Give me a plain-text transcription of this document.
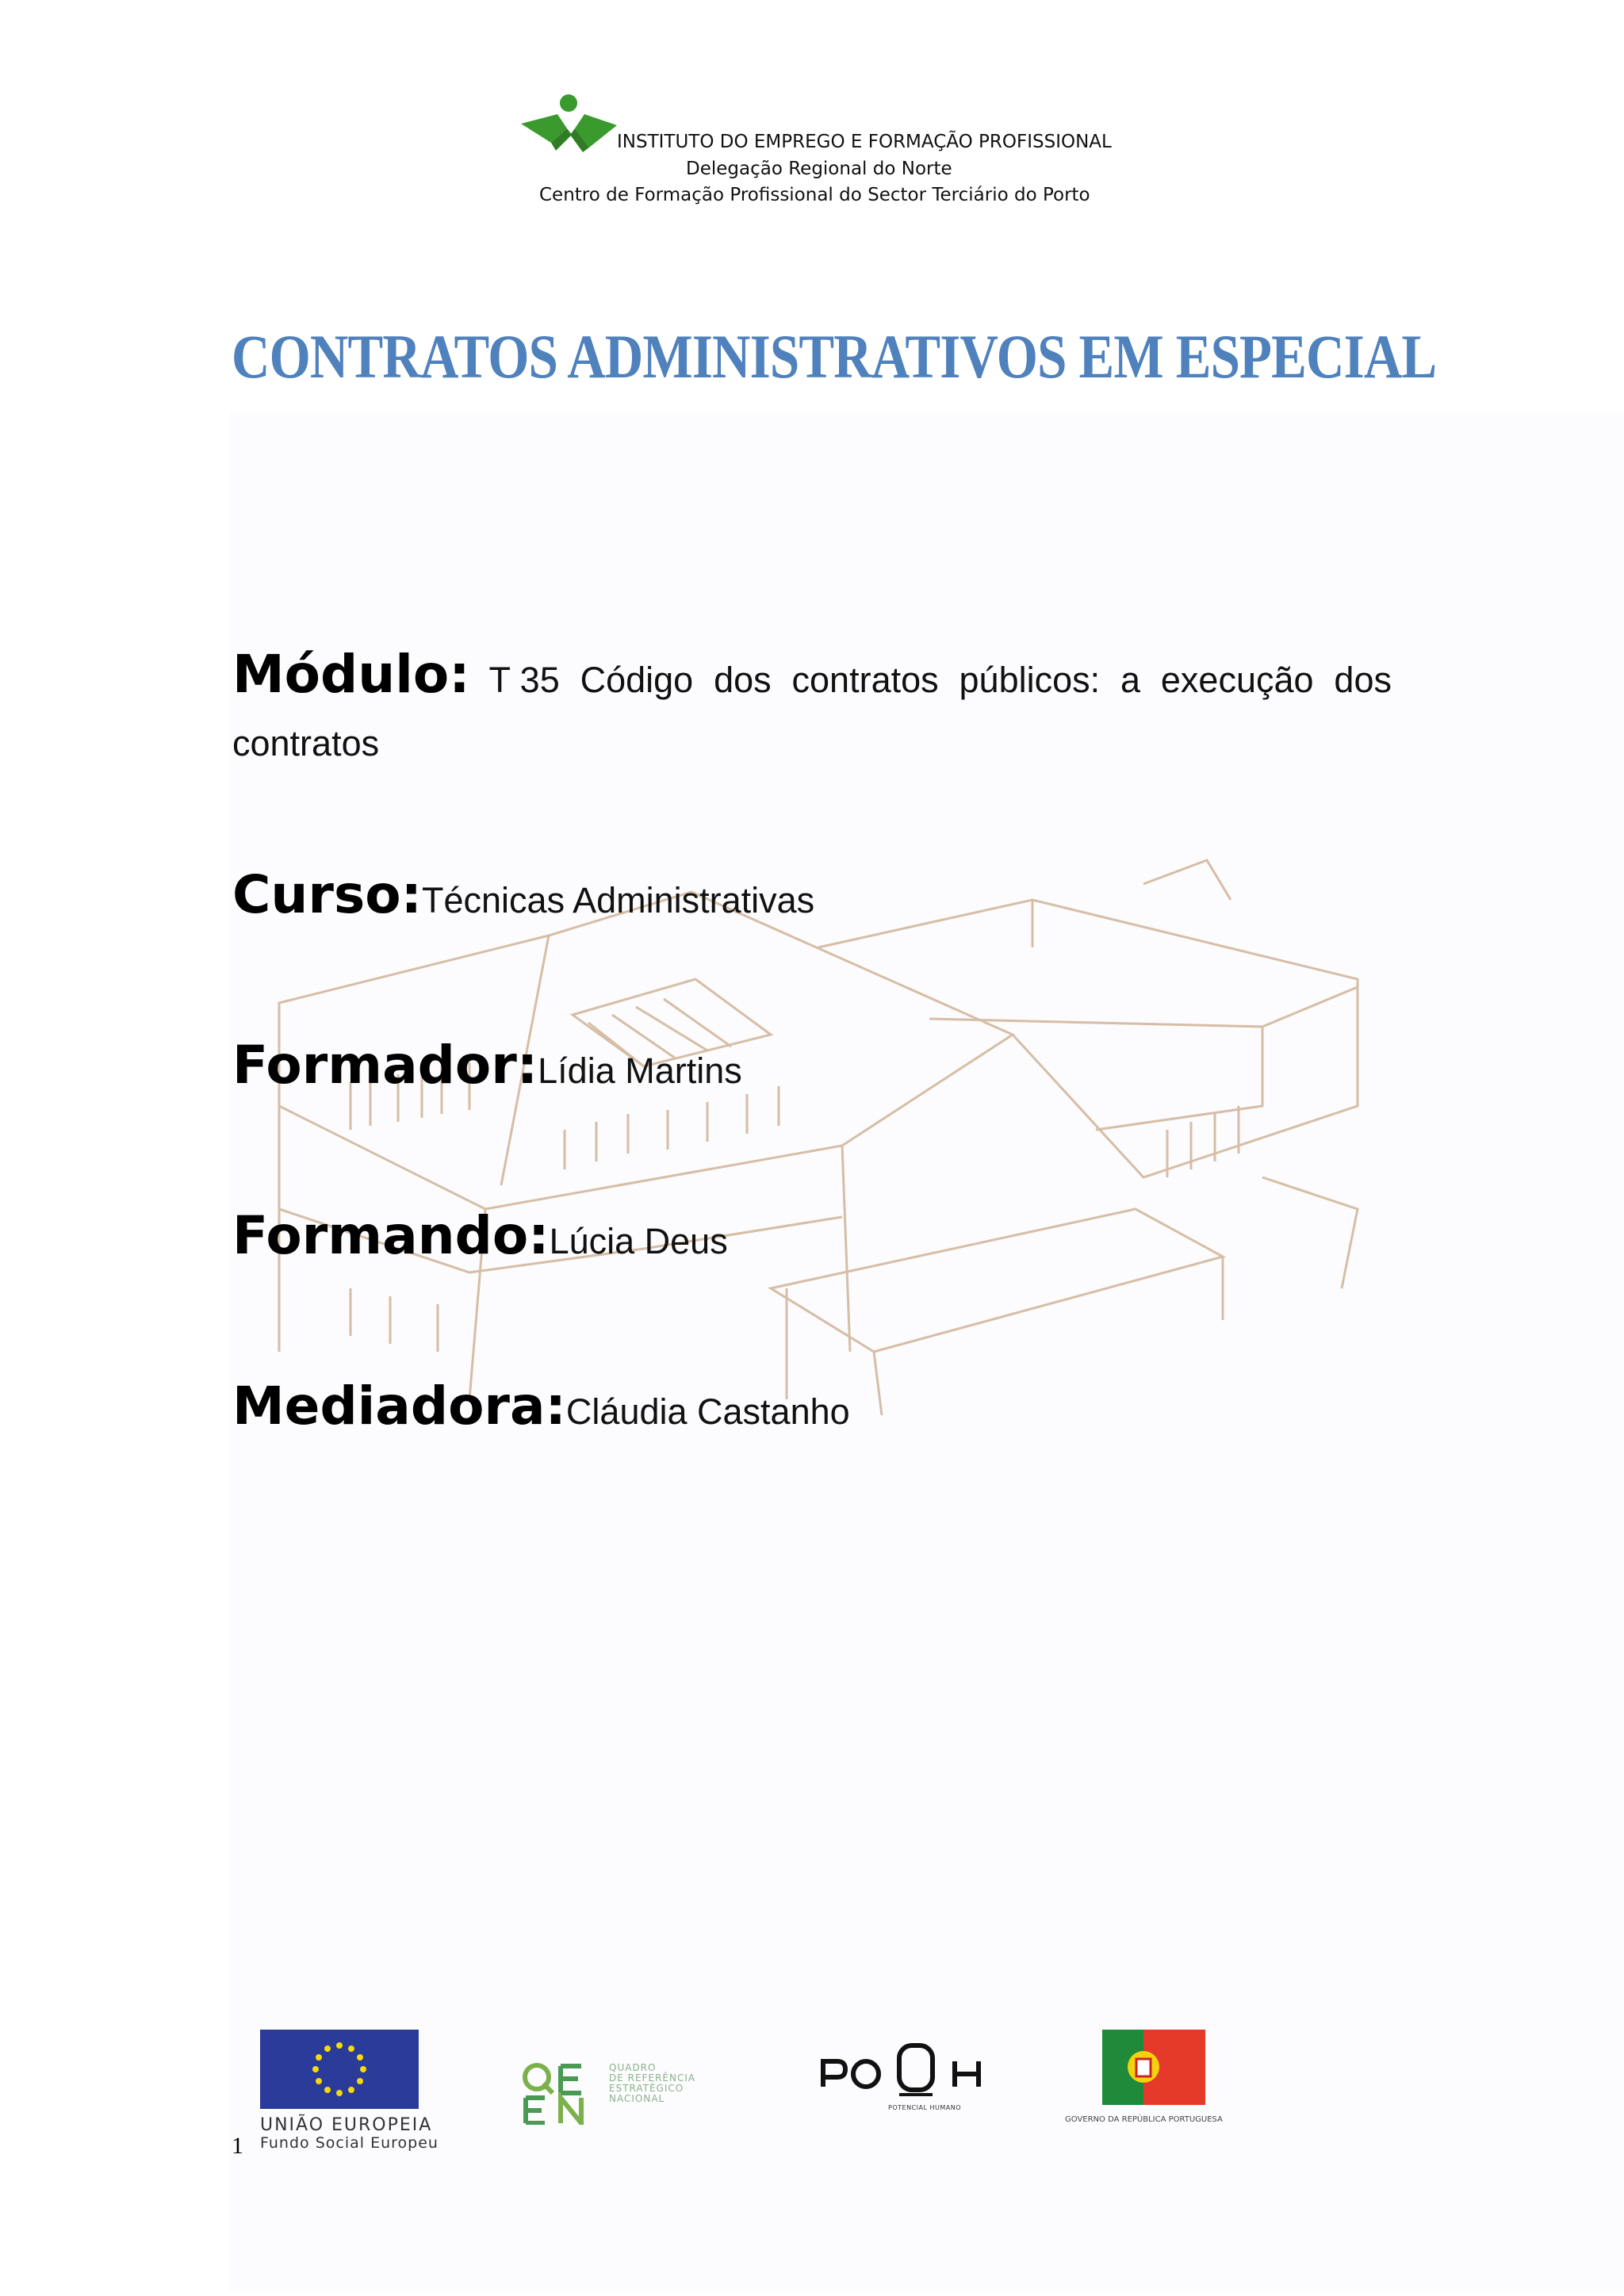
INSTITUTO DO EMPREGO E FORMAÇÃO PROFISSIONAL
Delegação Regional do Norte
Centro de Formação Profissional do Sector Terciário do Porto
CONTRATOS ADMINISTRATIVOS EM ESPECIAL
Módulo: T 35 Código dos contratos públicos: a execução dos
contratos
Curso:Técnicas Administrativas
Formador:Lídia Martins
Formando:Lúcia Deus
Mediadora:Cláudia Castanho
UNIÃO EUROPEIA
Fundo Social Europeu
QUADRO
DE REFERÊNCIA
ESTRATÉGICO
NACIONAL
POTENCIAL HUMANO
GOVERNO DA REPÚBLICA PORTUGUESA
1
